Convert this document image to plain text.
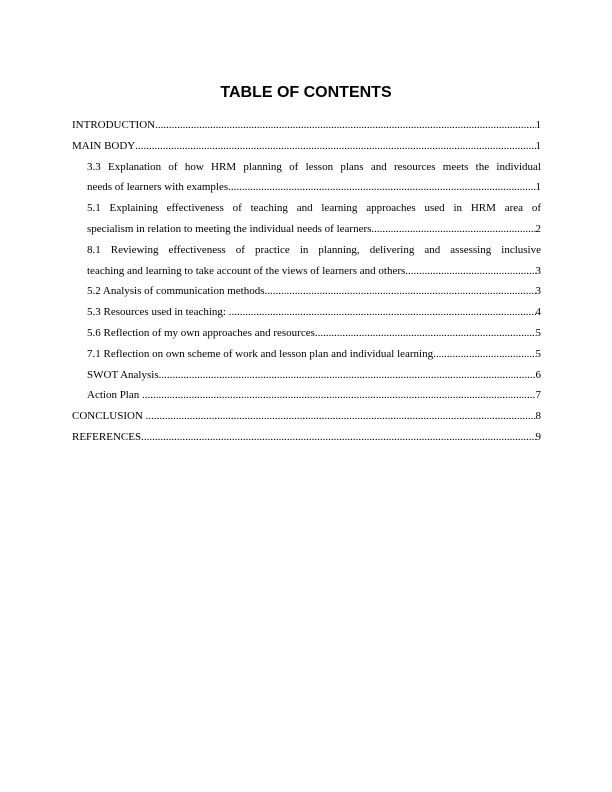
TABLE OF CONTENTS
INTRODUCTION .....	1
MAIN BODY .....	1
3.3 Explanation of how HRM planning of lesson plans and resources meets the individual
needs of learners with examples .....	1
5.1 Explaining effectiveness of teaching and learning approaches used in HRM area of
specialism in relation to meeting the individual needs of learners .....	2
8.1 Reviewing effectiveness of practice in planning, delivering and assessing inclusive
teaching and learning to take account of the views of learners and others .....	3
5.2 Analysis of communication methods .....	3
5.3 Resources used in teaching: .....	4
5.6 Reflection of my own approaches and resources .....	5
7.1 Reflection on own scheme of work and lesson plan and individual learning .....	5
SWOT Analysis .....	6
Action Plan .....	7
CONCLUSION .....	8
REFERENCES .....	9
